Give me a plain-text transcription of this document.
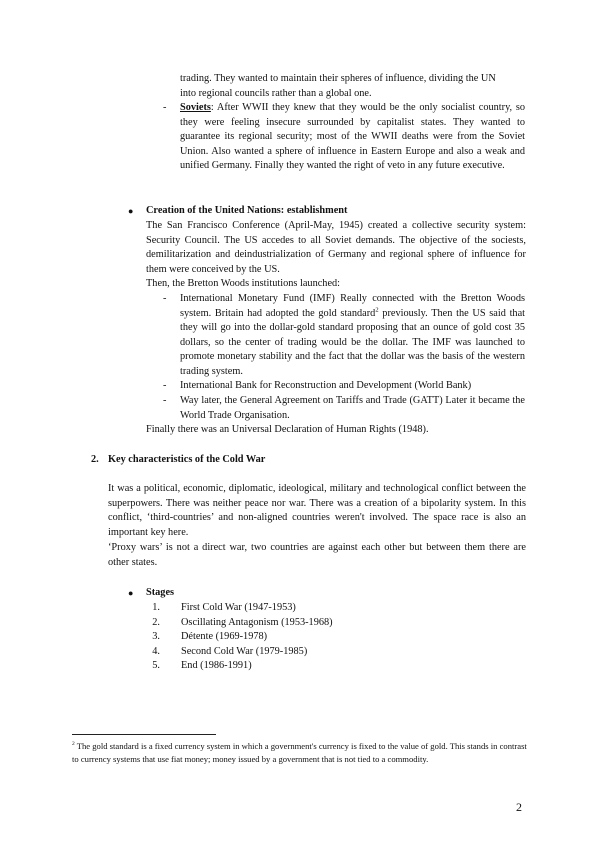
trading. They wanted to maintain their spheres of influence, dividing the UN
into regional councils rather than a global one.
- Soviets: After WWII they knew that they would be the only socialist country, so they were feeling insecure surrounded by capitalist states. They wanted to guarantee its regional security; most of the WWII deaths were from the Soviet Union. Also wanted a sphere of influence in Eastern Europe and also a weak and unified Germany. Finally they wanted the right of veto in any future executive.
● Creation of the United Nations: establishment
The San Francisco Conference (April-May, 1945) created a collective security system: Security Council. The US accedes to all Soviet demands. The objective of the sociests, demilitarization and deindustrialization of Germany and regional sphere of influence for them were conceived by the US.
Then, the Bretton Woods institutions launched:
- International Monetary Fund (IMF) Really connected with the Bretton Woods system. Britain had adopted the gold standard$^2$ previously. Then the US said that they will go into the dollar-gold standard proposing that an ounce of gold cost 35 dollars, so the center of trading would be the dollar. The IMF was launched to promote monetary stability and the fact that the dollar was the basis of the western trading system.
- International Bank for Reconstruction and Development (World Bank)
- Way later, the General Agreement on Tariffs and Trade (GATT) Later it became the World Trade Organisation.
Finally there was an Universal Declaration of Human Rights (1948).
2. Key characteristics of the Cold War
It was a political, economic, diplomatic, ideological, military and technological conflict between the superpowers. There was neither peace nor war. There was a creation of a bipolarity system. In this conflict, ‘third-countries’ and non-aligned countries weren't involved. The space race is also an important key here.
‘Proxy wars’ is not a direct war, two countries are against each other but between them there are other states.
● Stages
1. First Cold War (1947-1953)
2. Oscillating Antagonism (1953-1968)
3. Détente (1969-1978)
4. Second Cold War (1979-1985)
5. End (1986-1991)
$^2$ The gold standard is a fixed currency system in which a government's currency is fixed to the value of gold. This stands in contrast to currency systems that use fiat money; money issued by a government that is not tied to a commodity.
2
